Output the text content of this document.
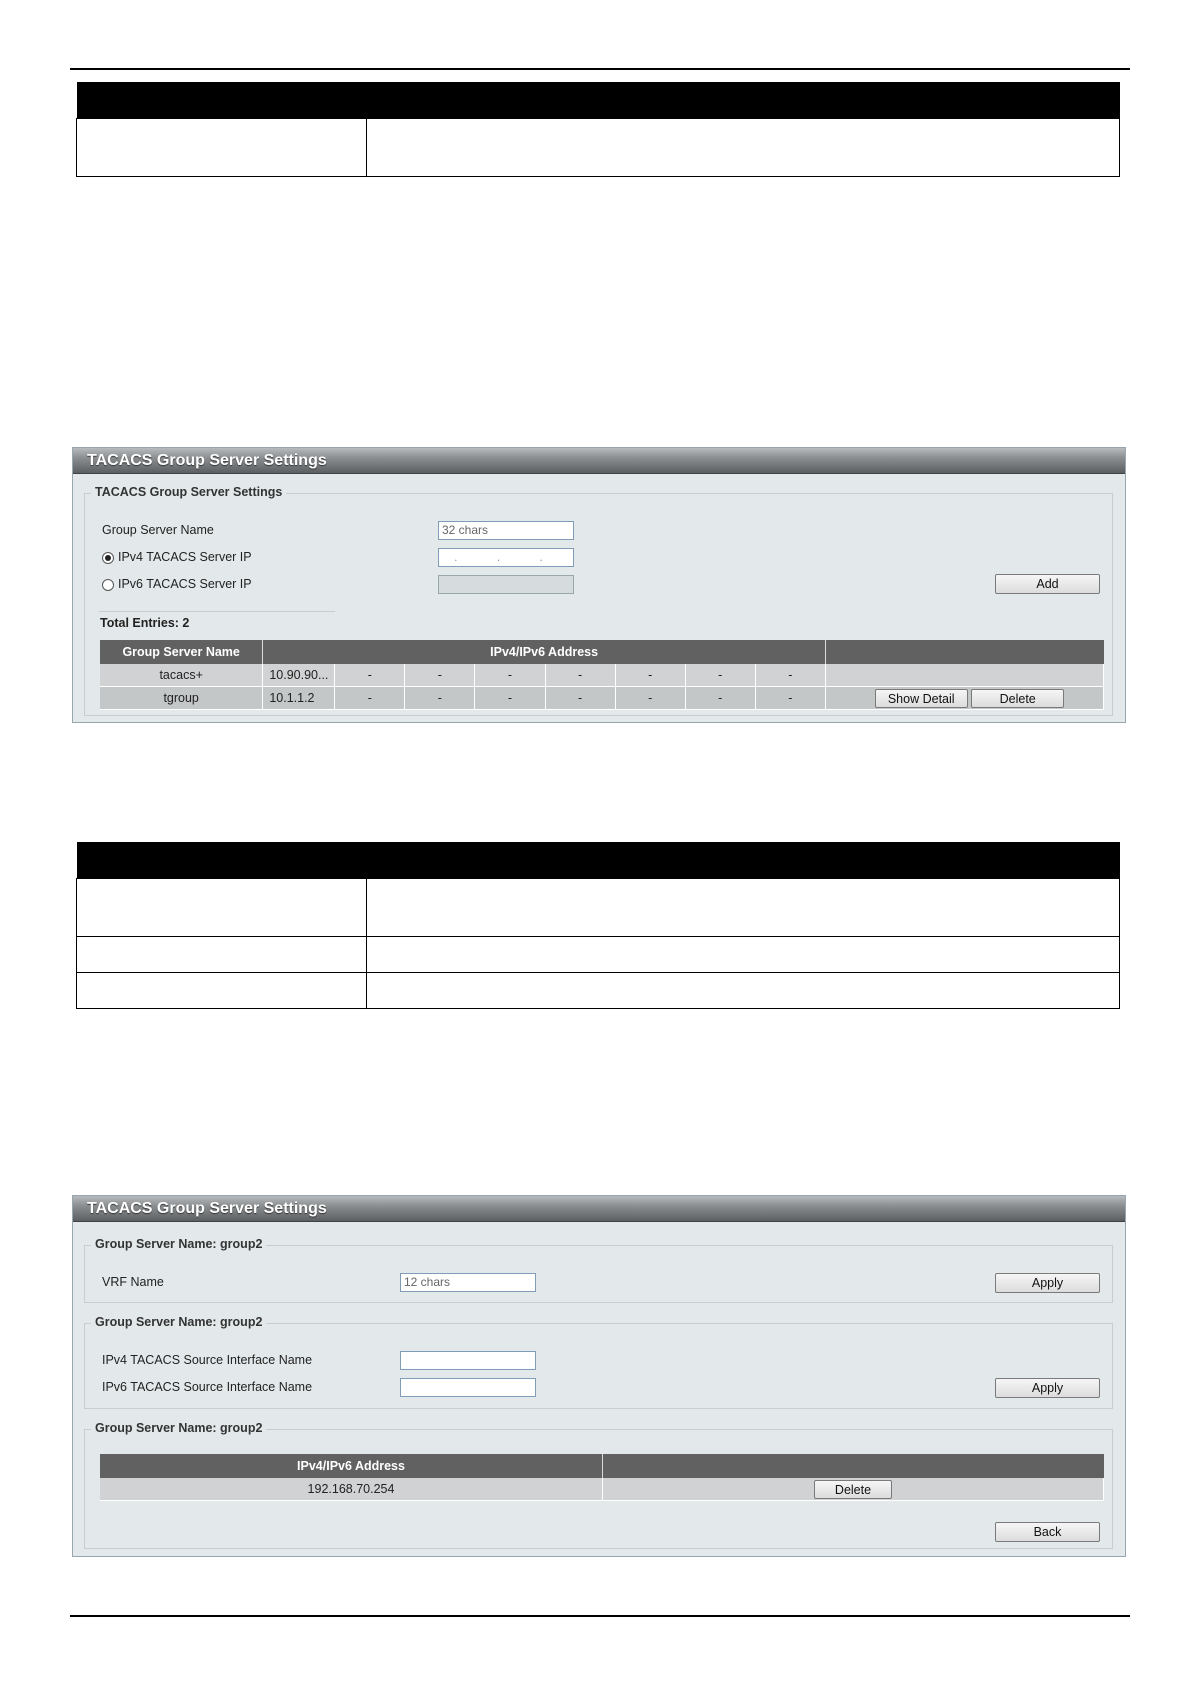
TACACS Group Server Settings
TACACS Group Server Settings
Group Server Name	32 chars
IPv4 TACACS Server IP	. . .
IPv6 TACACS Server IP	Add
Total Entries: 2
Group Server Name	IPv4/IPv6 Address								
tacacs+	10.90.90...	-	-	-	-	-	-	-	
tgroup	10.1.1.2	-	-	-	-	-	-	-	Show Detail Delete

TACACS Group Server Settings
Group Server Name: group2
VRF Name	12 chars	Apply
Group Server Name: group2
IPv4 TACACS Source Interface Name
IPv6 TACACS Source Interface Name	Apply
Group Server Name: group2
IPv4/IPv6 Address	
192.168.70.254	Delete
Back
